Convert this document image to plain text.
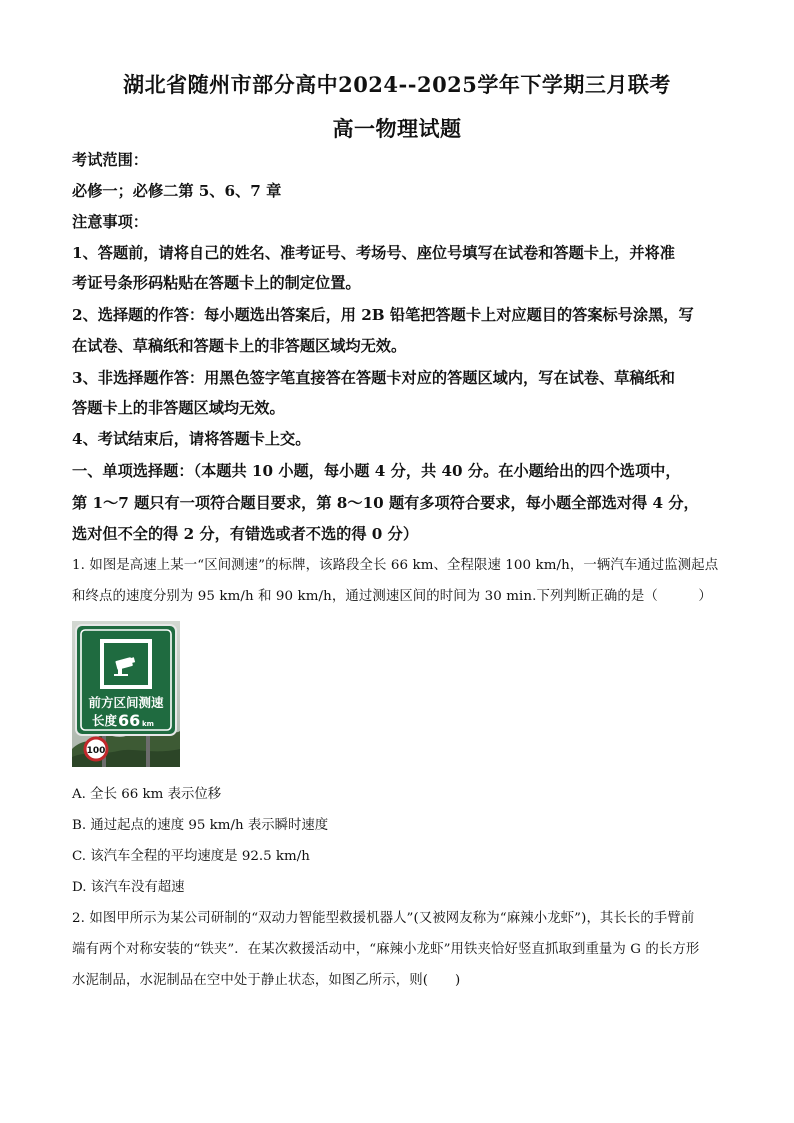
湖北省随州市部分高中2024--2025学年下学期三月联考
高一物理试题
考试范围：
必修一；必修二第 5、6、7 章
注意事项：
1、答题前，请将自己的姓名、准考证号、考场号、座位号填写在试卷和答题卡上，并将准
考证号条形码粘贴在答题卡上的制定位置。
2、选择题的作答：每小题选出答案后，用 2B 铅笔把答题卡上对应题目的答案标号涂黑，写
在试卷、草稿纸和答题卡上的非答题区域均无效。
3、非选择题作答：用黑色签字笔直接答在答题卡对应的答题区域内，写在试卷、草稿纸和
答题卡上的非答题区域均无效。
4、考试结束后，请将答题卡上交。
一、单项选择题：（本题共 10 小题，每小题 4 分，共 40 分。在小题给出的四个选项中，
第 1～7 题只有一项符合题目要求，第 8～10 题有多项符合要求，每小题全部选对得 4 分，
选对但不全的得 2 分，有错选或者不选的得 0 分）
1. 如图是高速上某一“区间测速”的标牌，该路段全长 66 km、全程限速 100 km/h，一辆汽车通过监测起点
和终点的速度分别为 95 km/h 和 90 km/h，通过测速区间的时间为 30 min.下列判断正确的是（　　　）
前方区间测速
长度 66 km
100
A. 全长 66 km 表示位移
B. 通过起点的速度 95 km/h 表示瞬时速度
C. 该汽车全程的平均速度是 92.5 km/h
D. 该汽车没有超速
2. 如图甲所示为某公司研制的“双动力智能型救援机器人”(又被网友称为“麻辣小龙虾”)，其长长的手臂前
端有两个对称安装的“铁夹”．在某次救援活动中，“麻辣小龙虾”用铁夹恰好竖直抓取到重量为 G 的长方形
水泥制品，水泥制品在空中处于静止状态，如图乙所示，则(　　)
